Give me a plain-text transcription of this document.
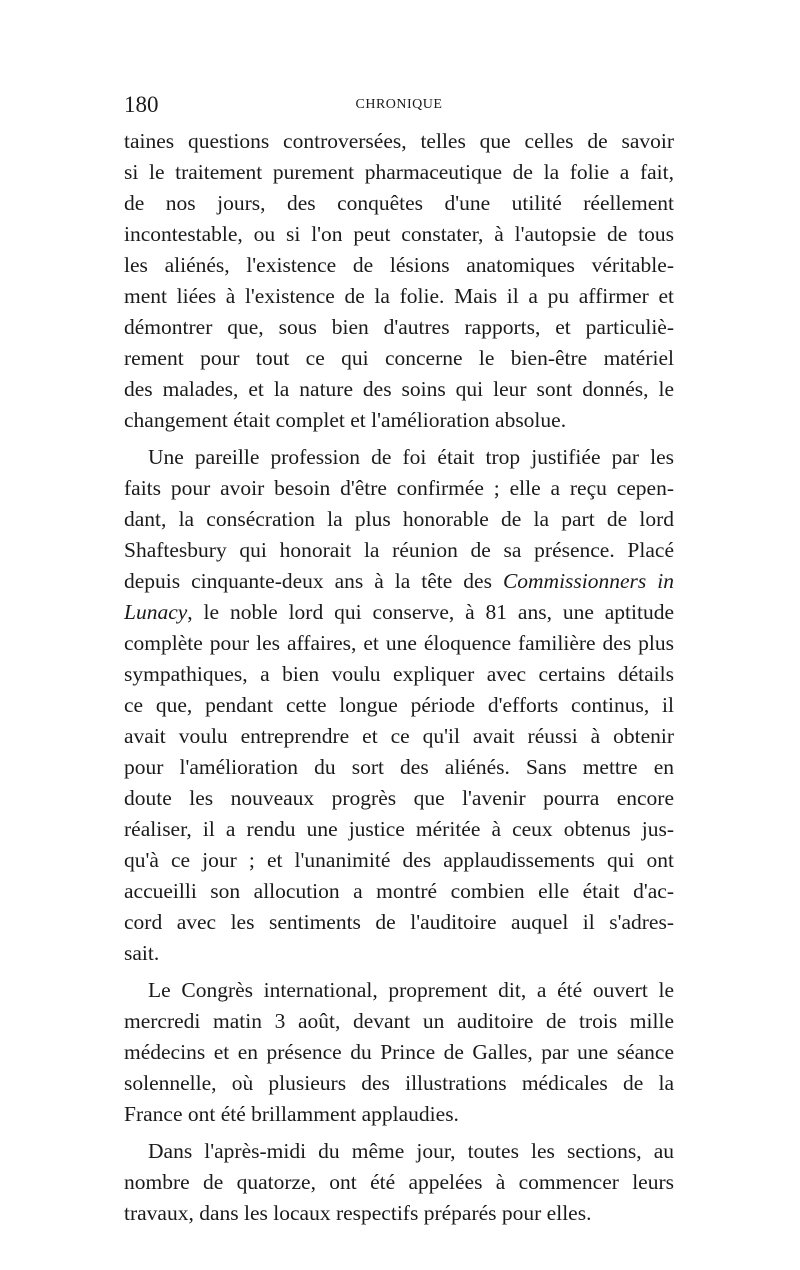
180	CHRONIQUE
taines questions controversées, telles que celles de savoir
si le traitement purement pharmaceutique de la folie a fait,
de nos jours, des conquêtes d'une utilité réellement
incontestable, ou si l'on peut constater, à l'autopsie de tous
les aliénés, l'existence de lésions anatomiques véritable-
ment liées à l'existence de la folie. Mais il a pu affirmer et
démontrer que, sous bien d'autres rapports, et particuliè-
rement pour tout ce qui concerne le bien-être matériel
des malades, et la nature des soins qui leur sont donnés, le
changement était complet et l'amélioration absolue.
Une pareille profession de foi était trop justifiée par les
faits pour avoir besoin d'être confirmée ; elle a reçu cepen-
dant, la consécration la plus honorable de la part de lord
Shaftesbury qui honorait la réunion de sa présence. Placé
depuis cinquante-deux ans à la tête des Commissionners in
Lunacy, le noble lord qui conserve, à 81 ans, une aptitude
complète pour les affaires, et une éloquence familière des plus
sympathiques, a bien voulu expliquer avec certains détails
ce que, pendant cette longue période d'efforts continus, il
avait voulu entreprendre et ce qu'il avait réussi à obtenir
pour l'amélioration du sort des aliénés. Sans mettre en
doute les nouveaux progrès que l'avenir pourra encore
réaliser, il a rendu une justice méritée à ceux obtenus jus-
qu'à ce jour ; et l'unanimité des applaudissements qui ont
accueilli son allocution a montré combien elle était d'ac-
cord avec les sentiments de l'auditoire auquel il s'adres-
sait.
Le Congrès international, proprement dit, a été ouvert le
mercredi matin 3 août, devant un auditoire de trois mille
médecins et en présence du Prince de Galles, par une séance
solennelle, où plusieurs des illustrations médicales de la
France ont été brillamment applaudies.
Dans l'après-midi du même jour, toutes les sections, au
nombre de quatorze, ont été appelées à commencer leurs
travaux, dans les locaux respectifs préparés pour elles.
